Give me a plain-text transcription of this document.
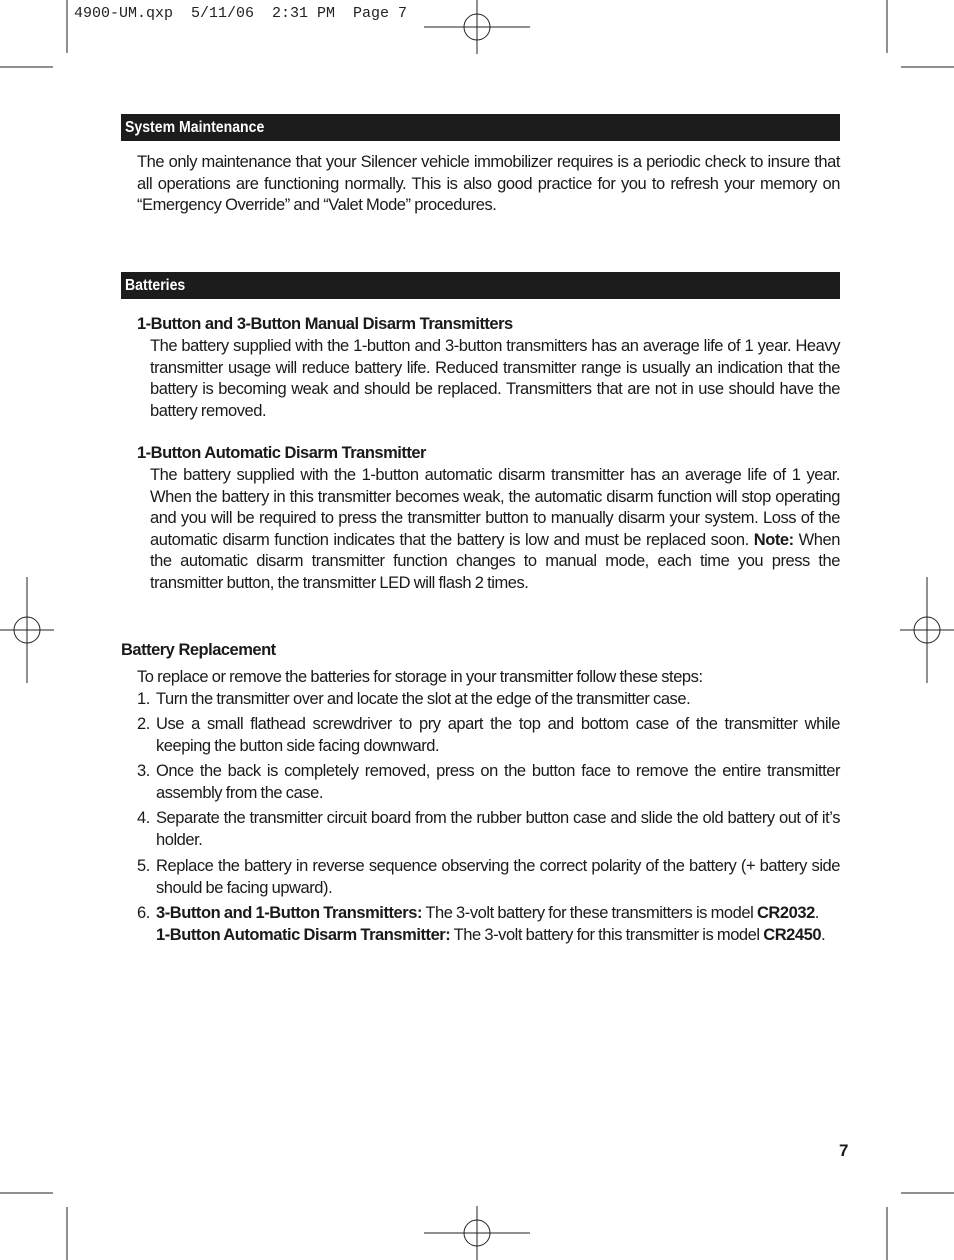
4900-UM.qxp  5/11/06  2:31 PM  Page 7
System Maintenance
The only maintenance that your Silencer vehicle immobilizer requires is a periodic check to insure that all operations are functioning normally. This is also good practice for you to refresh your memory on “Emergency Override” and “Valet Mode” procedures.
Batteries
1-Button and 3-Button Manual Disarm Transmitters
The battery supplied with the 1-button and 3-button transmitters has an average life of 1 year. Heavy transmitter usage will reduce battery life. Reduced transmitter range is usually an indication that the battery is becoming weak and should be replaced. Transmitters that are not in use should have the battery removed.
1-Button Automatic Disarm Transmitter
The battery supplied with the 1-button automatic disarm transmitter has an average life of 1 year. When the battery in this transmitter becomes weak, the automatic disarm function will stop operating and you will be required to press the transmitter button to manually disarm your system. Loss of the automatic disarm function indicates that the battery is low and must be replaced soon. Note: When the automatic disarm transmitter function changes to manual mode, each time you press the transmitter button, the transmitter LED will flash 2 times.
Battery Replacement
To replace or remove the batteries for storage in your transmitter follow these steps:
1. Turn the transmitter over and locate the slot at the edge of the transmitter case.
2. Use a small flathead screwdriver to pry apart the top and bottom case of the transmitter while keeping the button side facing downward.
3. Once the back is completely removed, press on the button face to remove the entire transmitter assembly from the case.
4. Separate the transmitter circuit board from the rubber button case and slide the old battery out of it’s holder.
5. Replace the battery in reverse sequence observing the correct polarity of the battery (+ battery side should be facing upward).
6. 3-Button and 1-Button Transmitters: The 3-volt battery for these transmitters is model CR2032.
1-Button Automatic Disarm Transmitter: The 3-volt battery for this transmitter is model CR2450.
7
